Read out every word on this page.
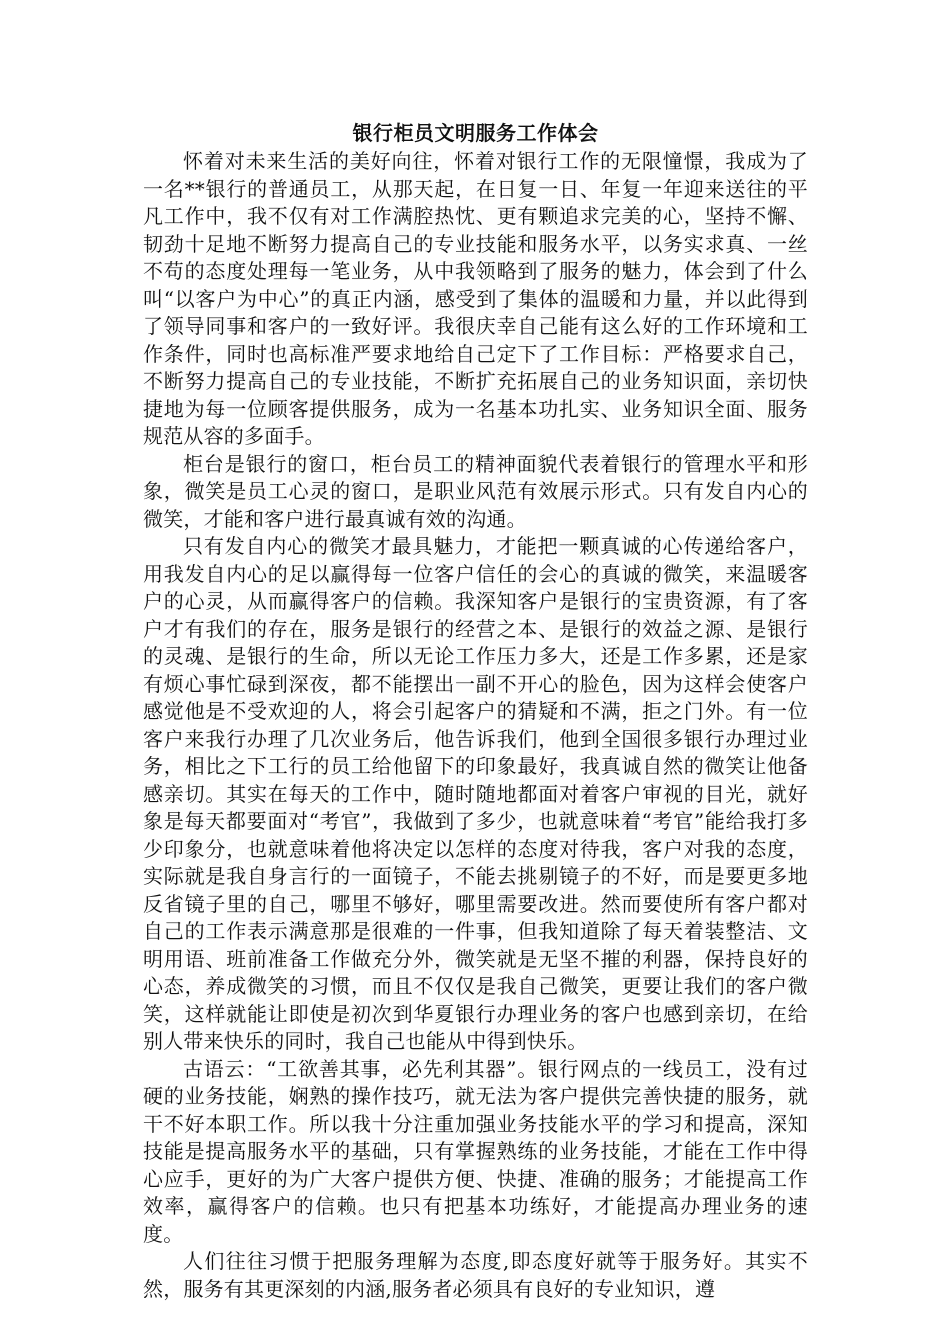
银行柜员文明服务工作体会

怀着对未来生活的美好向往，怀着对银行工作的无限憧憬，我成为了一名**银行的普通员工，从那天起，在日复一日、年复一年迎来送往的平凡工作中，我不仅有对工作满腔热忱、更有颗追求完美的心，坚持不懈、韧劲十足地不断努力提高自己的专业技能和服务水平，以务实求真、一丝不苟的态度处理每一笔业务，从中我领略到了服务的魅力，体会到了什么叫“以客户为中心”的真正内涵，感受到了集体的温暖和力量，并以此得到了领导同事和客户的一致好评。我很庆幸自己能有这么好的工作环境和工作条件，同时也高标准严要求地给自己定下了工作目标：严格要求自己，不断努力提高自己的专业技能，不断扩充拓展自己的业务知识面，亲切快捷地为每一位顾客提供服务，成为一名基本功扎实、业务知识全面、服务规范从容的多面手。

柜台是银行的窗口，柜台员工的精神面貌代表着银行的管理水平和形象，微笑是员工心灵的窗口，是职业风范有效展示形式。只有发自内心的微笑，才能和客户进行最真诚有效的沟通。

只有发自内心的微笑才最具魅力，才能把一颗真诚的心传递给客户，用我发自内心的足以赢得每一位客户信任的会心的真诚的微笑，来温暖客户的心灵，从而赢得客户的信赖。我深知客户是银行的宝贵资源，有了客户才有我们的存在，服务是银行的经营之本、是银行的效益之源、是银行的灵魂、是银行的生命，所以无论工作压力多大，还是工作多累，还是家有烦心事忙碌到深夜，都不能摆出一副不开心的脸色，因为这样会使客户感觉他是不受欢迎的人，将会引起客户的猜疑和不满，拒之门外。有一位客户来我行办理了几次业务后，他告诉我们，他到全国很多银行办理过业务，相比之下工行的员工给他留下的印象最好，我真诚自然的微笑让他备感亲切。其实在每天的工作中，随时随地都面对着客户审视的目光，就好象是每天都要面对“考官”，我做到了多少，也就意味着“考官”能给我打多少印象分，也就意味着他将决定以怎样的态度对待我，客户对我的态度，实际就是我自身言行的一面镜子，不能去挑剔镜子的不好，而是要更多地反省镜子里的自己，哪里不够好，哪里需要改进。然而要使所有客户都对自己的工作表示满意那是很难的一件事，但我知道除了每天着装整洁、文明用语、班前准备工作做充分外，微笑就是无坚不摧的利器，保持良好的心态，养成微笑的习惯，而且不仅仅是我自己微笑，更要让我们的客户微笑，这样就能让即使是初次到华夏银行办理业务的客户也感到亲切，在给别人带来快乐的同时，我自己也能从中得到快乐。

古语云：“工欲善其事，必先利其器”。银行网点的一线员工，没有过硬的业务技能，娴熟的操作技巧，就无法为客户提供完善快捷的服务，就干不好本职工作。所以我十分注重加强业务技能水平的学习和提高，深知技能是提高服务水平的基础，只有掌握熟练的业务技能，才能在工作中得心应手，更好的为广大客户提供方便、快捷、准确的服务；才能提高工作效率，赢得客户的信赖。也只有把基本功练好，才能提高办理业务的速度。

人们往往习惯于把服务理解为态度,即态度好就等于服务好。其实不然，服务有其更深刻的内涵,服务者必须具有良好的专业知识，遵
